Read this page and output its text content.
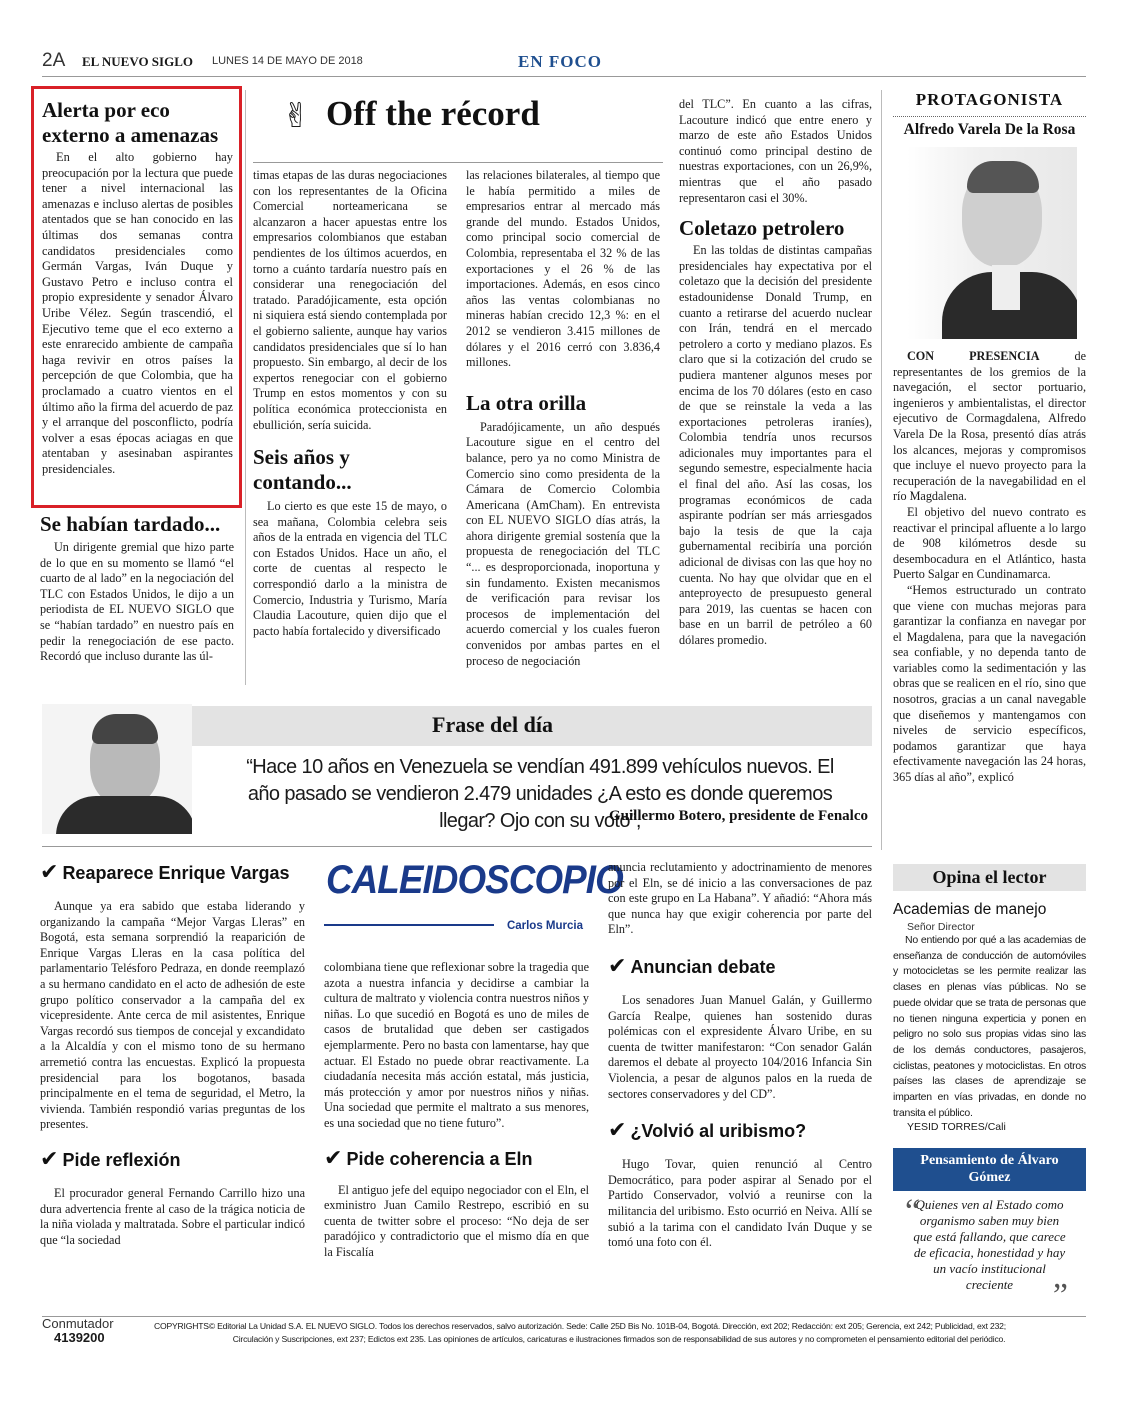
2A EL NUEVO SIGLO LUNES 14 DE MAYO DE 2018	EN FOCO
Alerta por eco externo a amenazas

En el alto gobierno hay preocupación por la lectura que puede tener a nivel internacional las amenazas e incluso alertas de posibles atentados que se han conocido en las últimas dos semanas contra candidatos presidenciales como Germán Vargas, Iván Duque y Gustavo Petro e incluso contra el propio expresidente y senador Álvaro Uribe Vélez. Según trascendió, el Ejecutivo teme que el eco externo a este enrarecido ambiente de campaña haga revivir en otros países la percepción de que Colombia, que ha proclamado a cuatro vientos en el último año la firma del acuerdo de paz y el arranque del posconflicto, podría volver a esas épocas aciagas en que atentaban y asesinaban aspirantes presidenciales.

Se habían tardado...

Un dirigente gremial que hizo parte de lo que en su momento se llamó “el cuarto de al lado” en la negociación del TLC con Estados Unidos, le dijo a un periodista de EL NUEVO SIGLO que se “habían tardado” en nuestro país en pedir la renegociación de ese pacto. Recordó que incluso durante las úl-

✌ Off the récord

timas etapas de las duras negociaciones con los representantes de la Oficina Comercial norteamericana se alcanzaron a hacer apuestas entre los empresarios colombianos que estaban pendientes de los últimos acuerdos, en torno a cuánto tardaría nuestro país en considerar una renegociación del tratado. Paradójicamente, esta opción ni siquiera está siendo contemplada por el gobierno saliente, aunque hay varios candidatos presidenciales que sí lo han propuesto. Sin embargo, al decir de los expertos renegociar con el gobierno Trump en estos momentos y con su política económica proteccionista en ebullición, sería suicida.

Seis años y contando...

Lo cierto es que este 15 de mayo, o sea mañana, Colombia celebra seis años de la entrada en vigencia del TLC con Estados Unidos. Hace un año, el corte de cuentas al respecto le correspondió darlo a la ministra de Comercio, Industria y Turismo, María Claudia Lacouture, quien dijo que el pacto había fortalecido y diversificado

las relaciones bilaterales, al tiempo que le había permitido a miles de empresarios entrar al mercado más grande del mundo. Estados Unidos, como principal socio comercial de Colombia, representaba el 32 % de las exportaciones y el 26 % de las importaciones. Además, en esos cinco años las ventas colombianas no mineras habían crecido 12,3 %: en el 2012 se vendieron 3.415 millones de dólares y el 2016 cerró con 3.836,4 millones.

La otra orilla

Paradójicamente, un año después Lacouture sigue en el centro del balance, pero ya no como Ministra de Comercio sino como presidenta de la Cámara de Comercio Colombia Americana (AmCham). En entrevista con EL NUEVO SIGLO días atrás, la ahora dirigente gremial sostenía que la propuesta de renegociación del TLC “... es desproporcionada, inoportuna y sin fundamento. Existen mecanismos de verificación para revisar los procesos de implementación del acuerdo comercial y los cuales fueron convenidos por ambas partes en el proceso de negociación

del TLC”. En cuanto a las cifras, Lacouture indicó que entre enero y marzo de este año Estados Unidos continuó como principal destino de nuestras exportaciones, con un 26,9%, mientras que el año pasado representaron casi el 30%.

Coletazo petrolero

En las toldas de distintas campañas presidenciales hay expectativa por el coletazo que la decisión del presidente estadounidense Donald Trump, en cuanto a retirarse del acuerdo nuclear con Irán, tendrá en el mercado petrolero a corto y mediano plazos. Es claro que si la cotización del crudo se pudiera mantener algunos meses por encima de los 70 dólares (esto en caso de que se reinstale la veda a las exportaciones petroleras iraníes), Colombia tendría unos recursos adicionales muy importantes para el segundo semestre, especialmente hacia el final del año. Así las cosas, los programas económicos de cada aspirante podrían ser más arriesgados bajo la tesis de que la caja gubernamental recibiría una porción adicional de divisas con las que hoy no cuenta. No hay que olvidar que en el anteproyecto de presupuesto general para 2019, las cuentas se hacen con base en un barril de petróleo a 60 dólares promedio.

PROTAGONISTA
Alfredo Varela De la Rosa

CON PRESENCIA de representantes de los gremios de la navegación, el sector portuario, ingenieros y ambientalistas, el director ejecutivo de Cormagdalena, Alfredo Varela De la Rosa, presentó días atrás los alcances, mejoras y compromisos que incluye el nuevo proyecto para la recuperación de la navegabilidad en el río Magdalena.

El objetivo del nuevo contrato es reactivar el principal afluente a lo largo de 908 kilómetros desde su desembocadura en el Atlántico, hasta Puerto Salgar en Cundinamarca.

“Hemos estructurado un contrato que viene con muchas mejoras para garantizar la confianza en navegar por el Magdalena, para que la navegación sea confiable, y no dependa tanto de variables como la sedimentación y las obras que se realicen en el río, sino que nosotros, gracias a un canal navegable que diseñemos y mantengamos con niveles de servicio específicos, podamos garantizar que haya efectivamente navegación las 24 horas, 365 días al año”, explicó

Frase del día
“Hace 10 años en Venezuela se vendían 491.899 vehículos nuevos. El año pasado se vendieron 2.479 unidades ¿A esto es donde queremos llegar? Ojo con su voto”,
Guillermo Botero, presidente de Fenalco
✔ Reaparece Enrique Vargas

Aunque ya era sabido que estaba liderando y organizando la campaña “Mejor Vargas Lleras” en Bogotá, esta semana sorprendió la reaparición de Enrique Vargas Lleras en la casa política del parlamentario Telésforo Pedraza, en donde reemplazó a su hermano candidato en el acto de adhesión de este grupo político conservador a la campaña del ex vicepresidente. Ante cerca de mil asistentes, Enrique Vargas recordó sus tiempos de concejal y excandidato a la Alcaldía y con el mismo tono de su hermano arremetió contra las encuestas. Explicó la propuesta presidencial para los bogotanos, basada principalmente en el tema de seguridad, el Metro, la vivienda. También respondió varias preguntas de los presentes.

✔ Pide reflexión

El procurador general Fernando Carrillo hizo una dura advertencia frente al caso de la trágica noticia de la niña violada y maltratada. Sobre el particular indicó que “la sociedad

CALEIDOSCOPIO
Carlos Murcia

colombiana tiene que reflexionar sobre la tragedia que azota a nuestra infancia y decidirse a cambiar la cultura de maltrato y violencia contra nuestros niños y niñas. Lo que sucedió en Bogotá es uno de miles de casos de brutalidad que deben ser castigados ejemplarmente. Pero no basta con lamentarse, hay que actuar. El Estado no puede obrar reactivamente. La ciudadanía necesita más acción estatal, más justicia, más protección y amor por nuestros niños y niñas. Una sociedad que permite el maltrato a sus menores, es una sociedad que no tiene futuro”.

✔ Pide coherencia a Eln

El antiguo jefe del equipo negociador con el Eln, el exministro Juan Camilo Restrepo, escribió en su cuenta de twitter sobre el proceso: “No deja de ser paradójico y contradictorio que el mismo día en que la Fiscalía

anuncia reclutamiento y adoctrinamiento de menores por el Eln, se dé inicio a las conversaciones de paz con este grupo en La Habana”. Y añadió: “Ahora más que nunca hay que exigir coherencia por parte del Eln”.

✔ Anuncian debate

Los senadores Juan Manuel Galán, y Guillermo García Realpe, quienes han sostenido duras polémicas con el expresidente Álvaro Uribe, en su cuenta de twitter manifestaron: “Con senador Galán daremos el debate al proyecto 104/2016 Infancia Sin Violencia, a pesar de algunos palos en la rueda de sectores conservadores y del CD”.

✔ ¿Volvió al uribismo?

Hugo Tovar, quien renunció al Centro Democrático, para poder aspirar al Senado por el Partido Conservador, volvió a reunirse con la militancia del uribismo. Esto ocurrió en Neiva. Allí se subió a la tarima con el candidato Iván Duque y se tomó una foto con él.

Opina el lector
Academias de manejo
Señor Director

No entiendo por qué a las academias de enseñanza de conducción de automóviles y motocicletas se les permite realizar las clases en plenas vías públicas. No se puede olvidar que se trata de personas que no tienen ninguna experticia y ponen en peligro no solo sus propias vidas sino las de los demás conductores, pasajeros, ciclistas, peatones y motociclistas. En otros países las clases de aprendizaje se imparten en vías privadas, en donde no transita el público.

YESID TORRES/Cali
Pensamiento de Álvaro Gómez
“

Quienes ven al Estado como organismo saben muy bien que está fallando, que carece de eficacia, honestidad y hay un vacío institucional creciente	”
Conmutador
4139200
COPYRIGHTS© Editorial La Unidad S.A. EL NUEVO SIGLO. Todos los derechos reservados, salvo autorización. Sede: Calle 25D Bis No. 101B-04, Bogotá. Dirección, ext 202; Redacción: ext 205; Gerencia, ext 242; Publicidad, ext 232;
Circulación y Suscripciones, ext 237; Edictos ext 235. Las opiniones de artículos, caricaturas e ilustraciones firmados son de responsabilidad de sus autores y no comprometen el pensamiento editorial del periódico.
